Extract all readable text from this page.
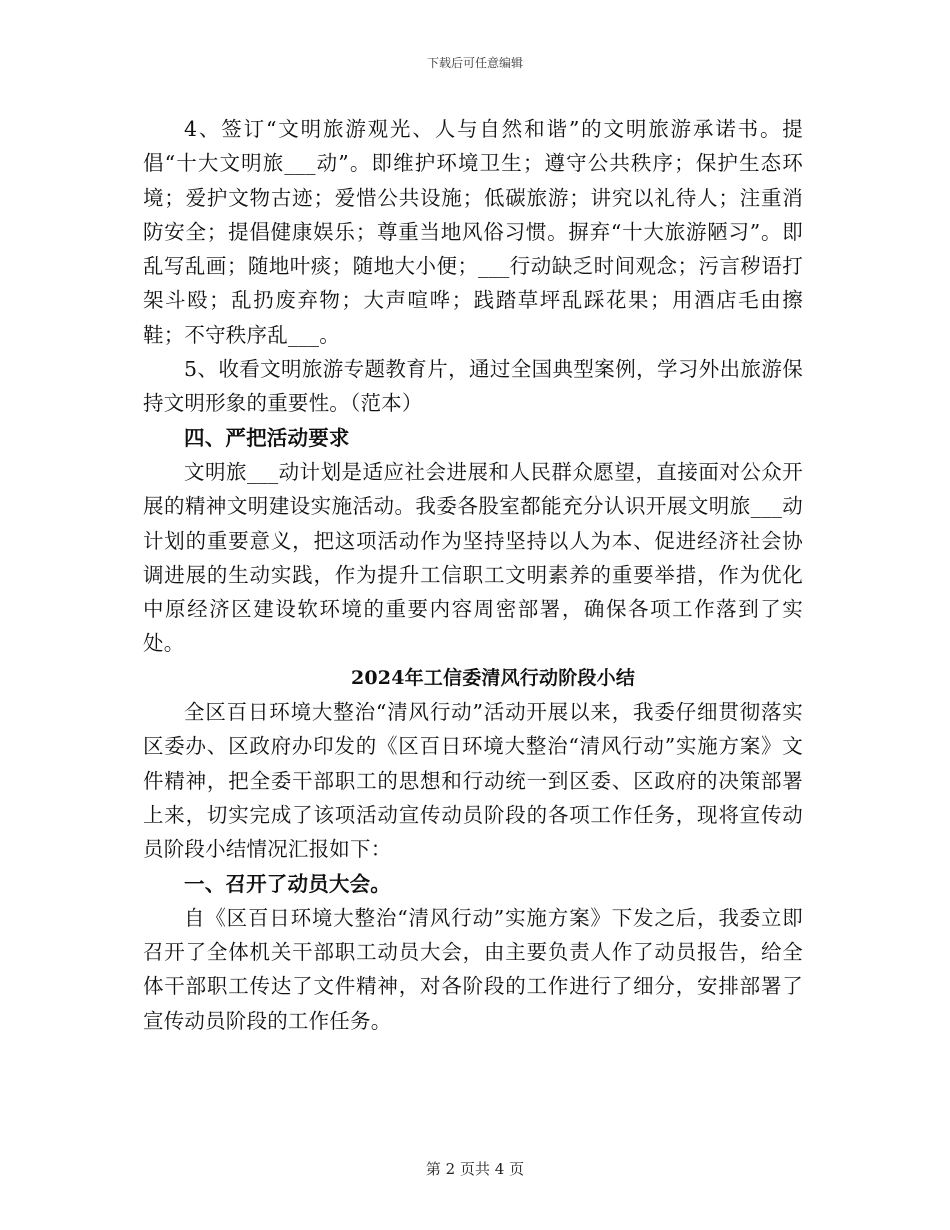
下载后可任意编辑

4、签订“文明旅游观光、人与自然和谐”的文明旅游承诺书。提倡“十大文明旅___动”。即维护环境卫生；遵守公共秩序；保护生态环境；爱护文物古迹；爱惜公共设施；低碳旅游；讲究以礼待人；注重消防安全；提倡健康娱乐；尊重当地风俗习惯。摒弃“十大旅游陋习”。即乱写乱画；随地叶痰；随地大小便；___行动缺乏时间观念；污言秽语打架斗殴；乱扔废弃物；大声喧哗；践踏草坪乱踩花果；用酒店毛由擦鞋；不守秩序乱___。

5、收看文明旅游专题教育片，通过全国典型案例，学习外出旅游保持文明形象的重要性。（范本）

四、严把活动要求

文明旅___动计划是适应社会进展和人民群众愿望，直接面对公众开展的精神文明建设实施活动。我委各股室都能充分认识开展文明旅___动计划的重要意义，把这项活动作为坚持坚持以人为本、促进经济社会协调进展的生动实践，作为提升工信职工文明素养的重要举措，作为优化中原经济区建设软环境的重要内容周密部署，确保各项工作落到了实处。

2024年工信委清风行动阶段小结

全区百日环境大整治“清风行动”活动开展以来，我委仔细贯彻落实区委办、区政府办印发的《区百日环境大整治“清风行动”实施方案》文件精神，把全委干部职工的思想和行动统一到区委、区政府的决策部署上来，切实完成了该项活动宣传动员阶段的各项工作任务，现将宣传动员阶段小结情况汇报如下：

一、召开了动员大会。

自《区百日环境大整治“清风行动”实施方案》下发之后，我委立即召开了全体机关干部职工动员大会，由主要负责人作了动员报告，给全体干部职工传达了文件精神，对各阶段的工作进行了细分，安排部署了宣传动员阶段的工作任务。

第 2 页共 4 页
